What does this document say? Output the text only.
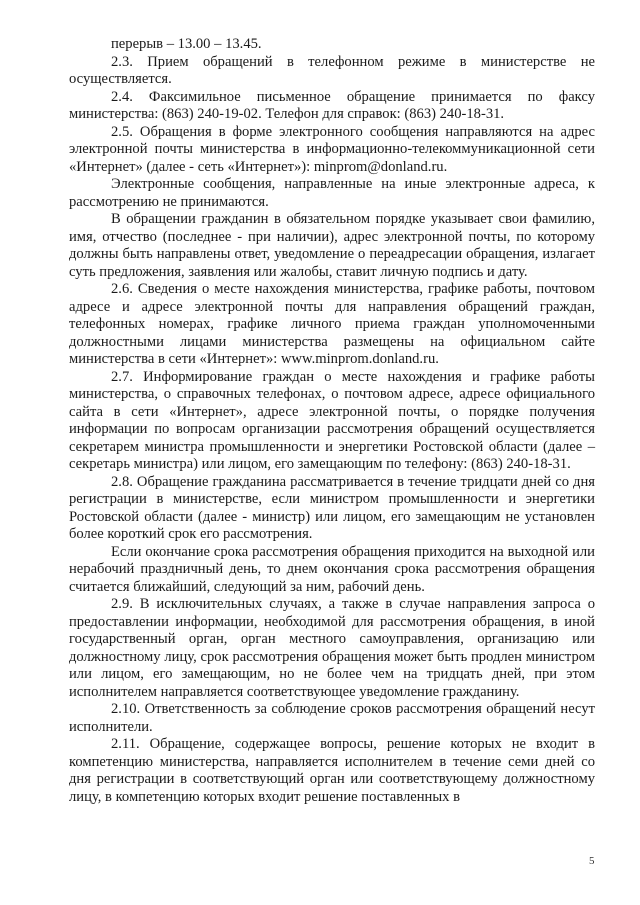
перерыв – 13.00 – 13.45.

2.3. Прием обращений в телефонном режиме в министерстве не осуществляется.

2.4. Факсимильное письменное обращение принимается по факсу министерства: (863) 240-19-02. Телефон для справок: (863) 240-18-31.

2.5. Обращения в форме электронного сообщения направляются на адрес электронной почты министерства в информационно-телекоммуникационной сети «Интернет» (далее - сеть «Интернет»): minprom@donland.ru.

Электронные сообщения, направленные на иные электронные адреса, к рассмотрению не принимаются.

В обращении гражданин в обязательном порядке указывает свои фамилию, имя, отчество (последнее - при наличии), адрес электронной почты, по которому должны быть направлены ответ, уведомление о переадресации обращения, излагает суть предложения, заявления или жалобы, ставит личную подпись и дату.

2.6. Сведения о месте нахождения министерства, графике работы, почтовом адресе и адресе электронной почты для направления обращений граждан, телефонных номерах, графике личного приема граждан уполномоченными должностными лицами министерства размещены на официальном сайте министерства в сети «Интернет»: www.minprom.donland.ru.

2.7. Информирование граждан о месте нахождения и графике работы министерства, о справочных телефонах, о почтовом адресе, адресе официального сайта в сети «Интернет», адресе электронной почты, о порядке получения информации по вопросам организации рассмотрения обращений осуществляется секретарем министра промышленности и энергетики Ростовской области (далее – секретарь министра) или лицом, его замещающим по телефону: (863) 240-18-31.

2.8. Обращение гражданина рассматривается в течение тридцати дней со дня регистрации в министерстве, если министром промышленности и энергетики Ростовской области (далее - министр) или лицом, его замещающим не установлен более короткий срок его рассмотрения.

Если окончание срока рассмотрения обращения приходится на выходной или нерабочий праздничный день, то днем окончания срока рассмотрения обращения считается ближайший, следующий за ним, рабочий день.

2.9. В исключительных случаях, а также в случае направления запроса о предоставлении информации, необходимой для рассмотрения обращения, в иной государственный орган, орган местного самоуправления, организацию или должностному лицу, срок рассмотрения обращения может быть продлен министром или лицом, его замещающим, но не более чем на тридцать дней, при этом исполнителем направляется соответствующее уведомление гражданину.

2.10. Ответственность за соблюдение сроков рассмотрения обращений несут исполнители.

2.11. Обращение, содержащее вопросы, решение которых не входит в компетенцию министерства, направляется исполнителем в течение семи дней со дня регистрации в соответствующий орган или соответствующему должностному лицу, в компетенцию которых входит решение поставленных в

5
